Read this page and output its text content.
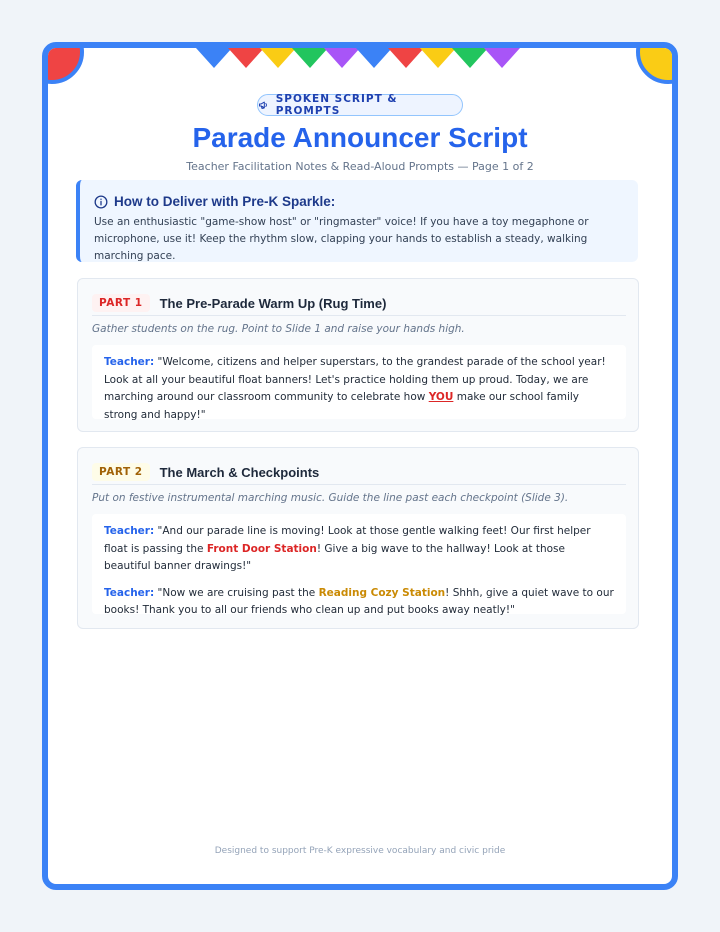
SPOKEN SCRIPT & PROMPTS
Parade Announcer Script
Teacher Facilitation Notes & Read-Aloud Prompts — Page 1 of 2
How to Deliver with Pre-K Sparkle:
Use an enthusiastic "game-show host" or "ringmaster" voice! If you have a toy megaphone or microphone, use it! Keep the rhythm slow, clapping your hands to establish a steady, walking marching pace.
PART 1	The Pre-Parade Warm Up (Rug Time)
Gather students on the rug. Point to Slide 1 and raise your hands high.

Teacher: "Welcome, citizens and helper superstars, to the grandest parade of the school year! Look at all your beautiful float banners! Let's practice holding them up proud. Today, we are marching around our classroom community to celebrate how YOU make our school family strong and happy!"

PART 2	The March & Checkpoints
Put on festive instrumental marching music. Guide the line past each checkpoint (Slide 3).

Teacher: "And our parade line is moving! Look at those gentle walking feet! Our first helper float is passing the Front Door Station! Give a big wave to the hallway! Look at those beautiful banner drawings!"

Teacher: "Now we are cruising past the Reading Cozy Station! Shhh, give a quiet wave to our books! Thank you to all our friends who clean up and put books away neatly!"

Designed to support Pre-K expressive vocabulary and civic pride
